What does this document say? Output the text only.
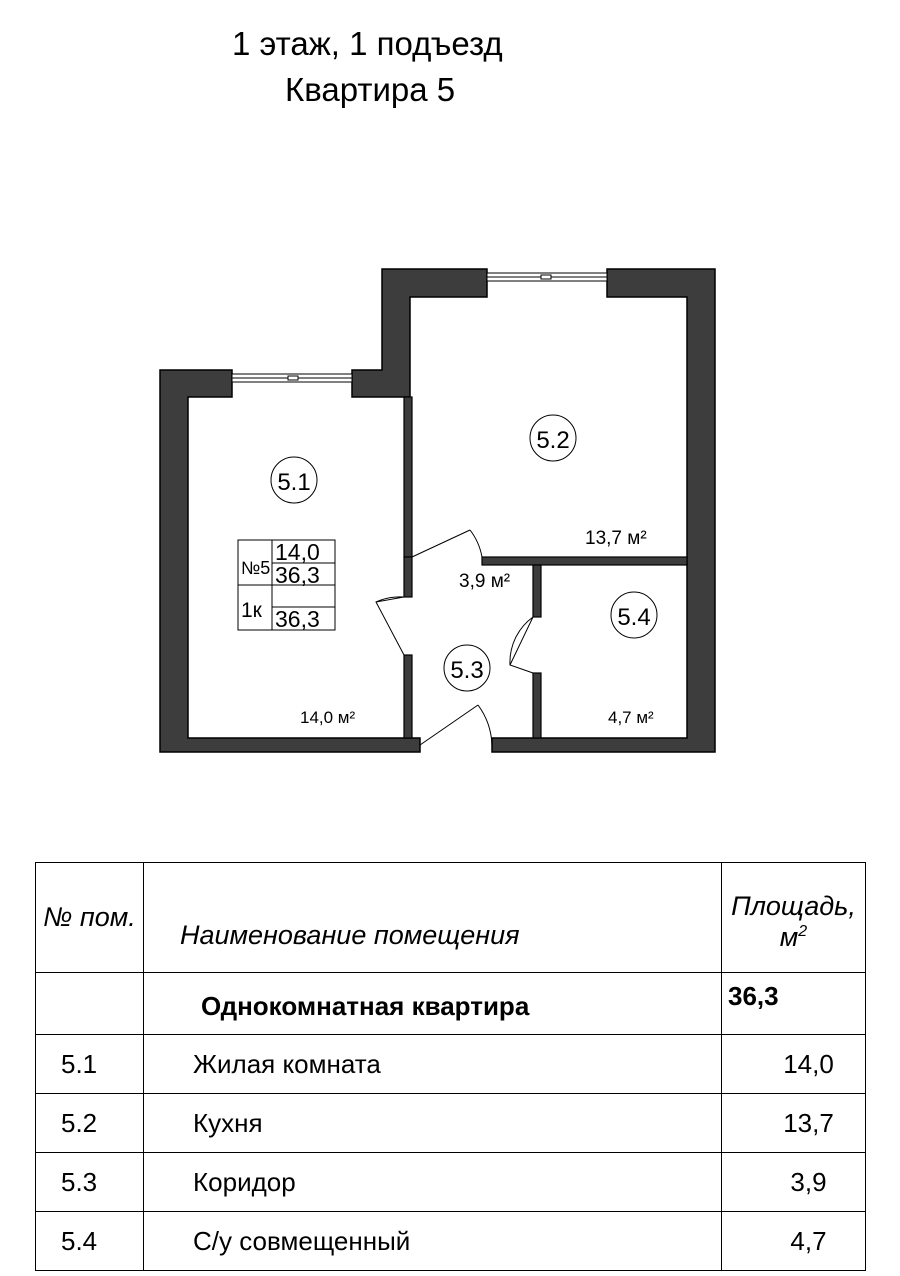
1 этаж, 1 подъезд
Квартира 5
5.1
5.2
5.3
5.4
14,0 м²
13,7 м²
3,9 м²
4,7 м²
№5
14,0
36,3
1к 36,3
№ пом.	Наименование помещения	Площадь,
$м^2$
	Однокомнатная квартира	36,3
5.1	Жилая комната	14,0
5.2	Кухня	13,7
5.3	Коридор	3,9
5.4	С/у совмещенный	4,7
